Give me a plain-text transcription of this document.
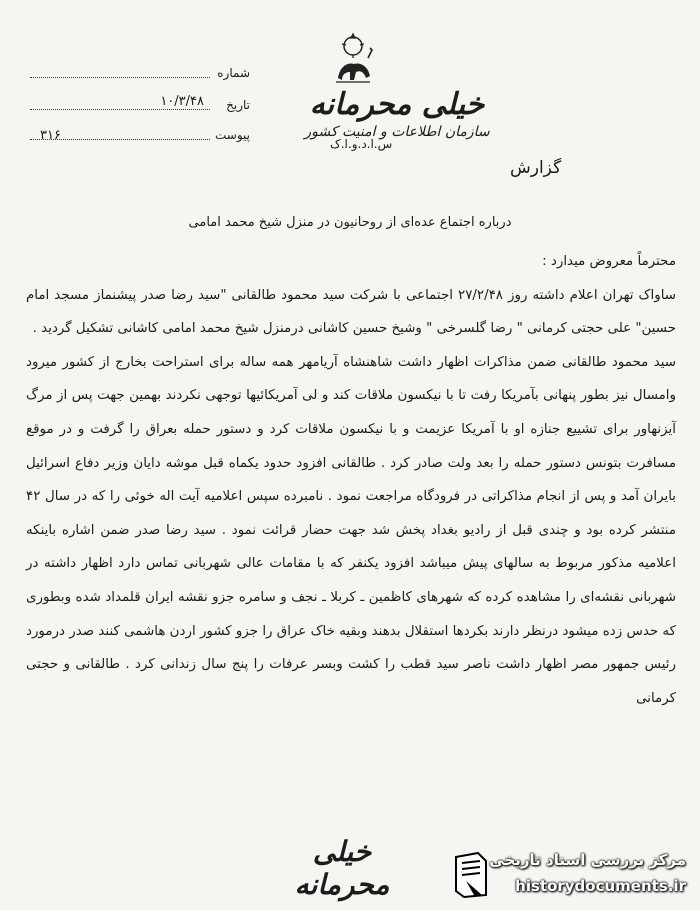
خیلی محرمانه
سازمان اطلاعات و امنیت کشور
س.ا.د.و.ا.ک
شماره
تاریخ
۱۰/۳/۴۸
پیوست
۳۱۶
گزارش
درباره اجتماع عده‌ای از روحانیون در منزل شیخ محمد امامی

محترماً معروض میدارد :

ساواک تهران اعلام داشته روز ۲۷/۲/۴۸ اجتماعی با شرکت سید محمود طالقانی "سید رضا صدر پیشنماز مسجد امام حسین" علی حجتی کرمانی " رضا گلسرخی " وشیخ حسین کاشانی درمنزل شیخ محمد امامی کاشانی تشکیل گردید .

سید محمود طالقانی ضمن مذاکرات اظهار داشت شاهنشاه آریامهر همه ساله برای استراحت بخارج از کشور میرود وامسال نیز بطور پنهانی بآمریکا رفت تا با نیکسون ملاقات کند و لی آمریکائیها توجهی نکردند بهمین جهت پس از مرگ آیزنهاور برای تشییع جنازه او با آمریکا عزیمت و با نیکسون ملاقات کرد و دستور حمله بعراق را گرفت و در موقع مسافرت بتونس دستور حمله را بعد ولت صادر کرد . طالقانی افزود حدود یکماه قبل موشه دایان وزیر دفاع اسرائیل بایران آمد و پس از انجام مذاکراتی در فرودگاه مراجعت نمود . نامبرده سپس اعلامیه آیت اله خوئی را که در سال ۴۲ منتشر کرده بود و چندی قبل از رادیو بغداد پخش شد جهت حضار قرائت نمود . سید رضا صدر ضمن اشاره باینکه اعلامیه مذکور مربوط به سالهای پیش میباشد افزود یکنفر که با مقامات عالی شهربانی تماس دارد اظهار داشته در شهربانی نقشه‌ای را مشاهده کرده که شهرهای کاظمین ـ کربلا ـ نجف و سامره جزو نقشه ایران قلمداد شده وبطوری که حدس زده میشود درنظر دارند بکردها استقلال بدهند وبقیه خاک عراق را جزو کشور اردن هاشمی کنند صدر درمورد رئیس جمهور مصر اظهار داشت ناصر سید قطب را کشت وبسر عرفات را پنج سال زندانی کرد . طالقانی و حجتی کرمانی

خیلی محرمانه
مرکز بررسی اسناد تاریخی
historydocuments.ir
